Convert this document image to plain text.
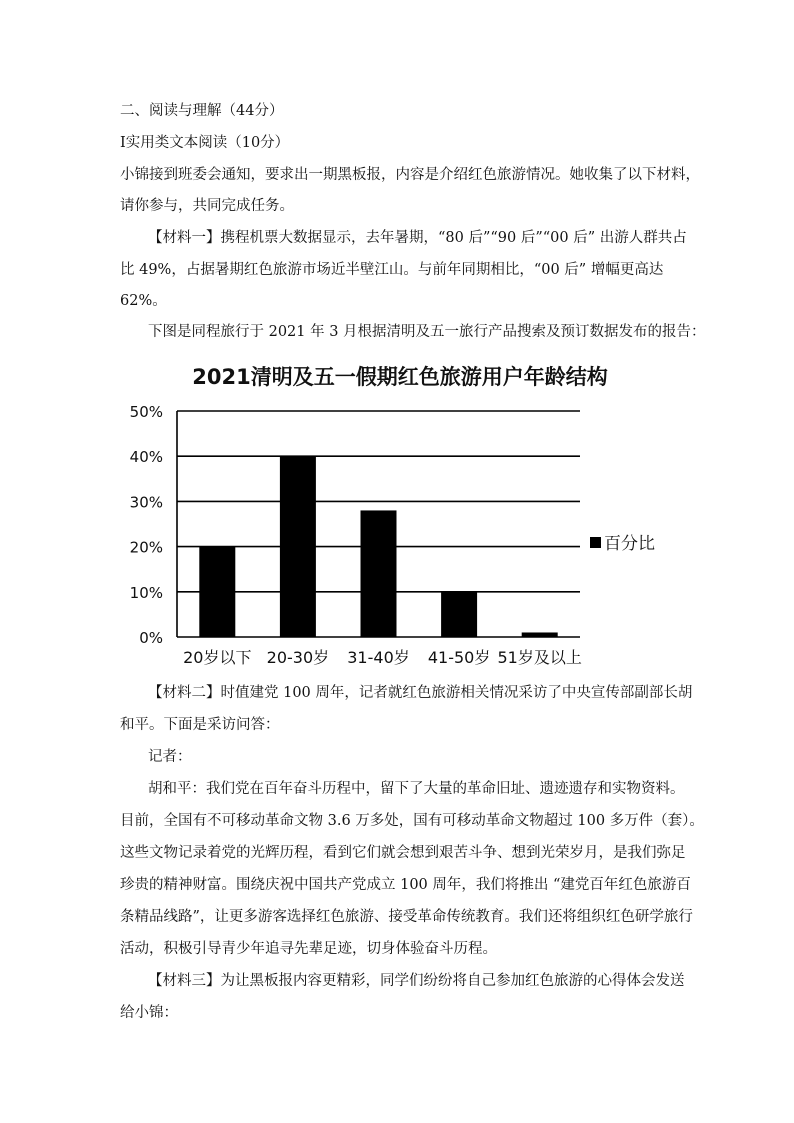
二、阅读与理解（44分）
Ⅰ实用类文本阅读（10分）
小锦接到班委会通知，要求出一期黑板报，内容是介绍红色旅游情况。她收集了以下材料，
请你参与，共同完成任务。
【材料一】携程机票大数据显示，去年暑期，“80 后”“90 后”“00 后” 出游人群共占
比 49%，占据暑期红色旅游市场近半壁江山。与前年同期相比，“00 后” 增幅更高达
62%。
下图是同程旅行于 2021 年 3 月根据清明及五一旅行产品搜索及预订数据发布的报告：
2021清明及五一假期红色旅游用户年龄结构
0%
10%
20%
30%
40%
50%
20岁以下 20-30岁 31-40岁 41-50岁 51岁及以上
百分比
【材料二】时值建党 100 周年，记者就红色旅游相关情况采访了中央宣传部副部长胡
和平。下面是采访问答：
记者：
胡和平：我们党在百年奋斗历程中，留下了大量的革命旧址、遗迹遗存和实物资料。
目前，全国有不可移动革命文物 3.6 万多处，国有可移动革命文物超过 100 多万件（套）。
这些文物记录着党的光辉历程，看到它们就会想到艰苦斗争、想到光荣岁月，是我们弥足
珍贵的精神财富。围绕庆祝中国共产党成立 100 周年，我们将推出 “建党百年红色旅游百
条精品线路”，让更多游客选择红色旅游、接受革命传统教育。我们还将组织红色研学旅行
活动，积极引导青少年追寻先辈足迹，切身体验奋斗历程。
【材料三】为让黑板报内容更精彩，同学们纷纷将自己参加红色旅游的心得体会发送
给小锦：
